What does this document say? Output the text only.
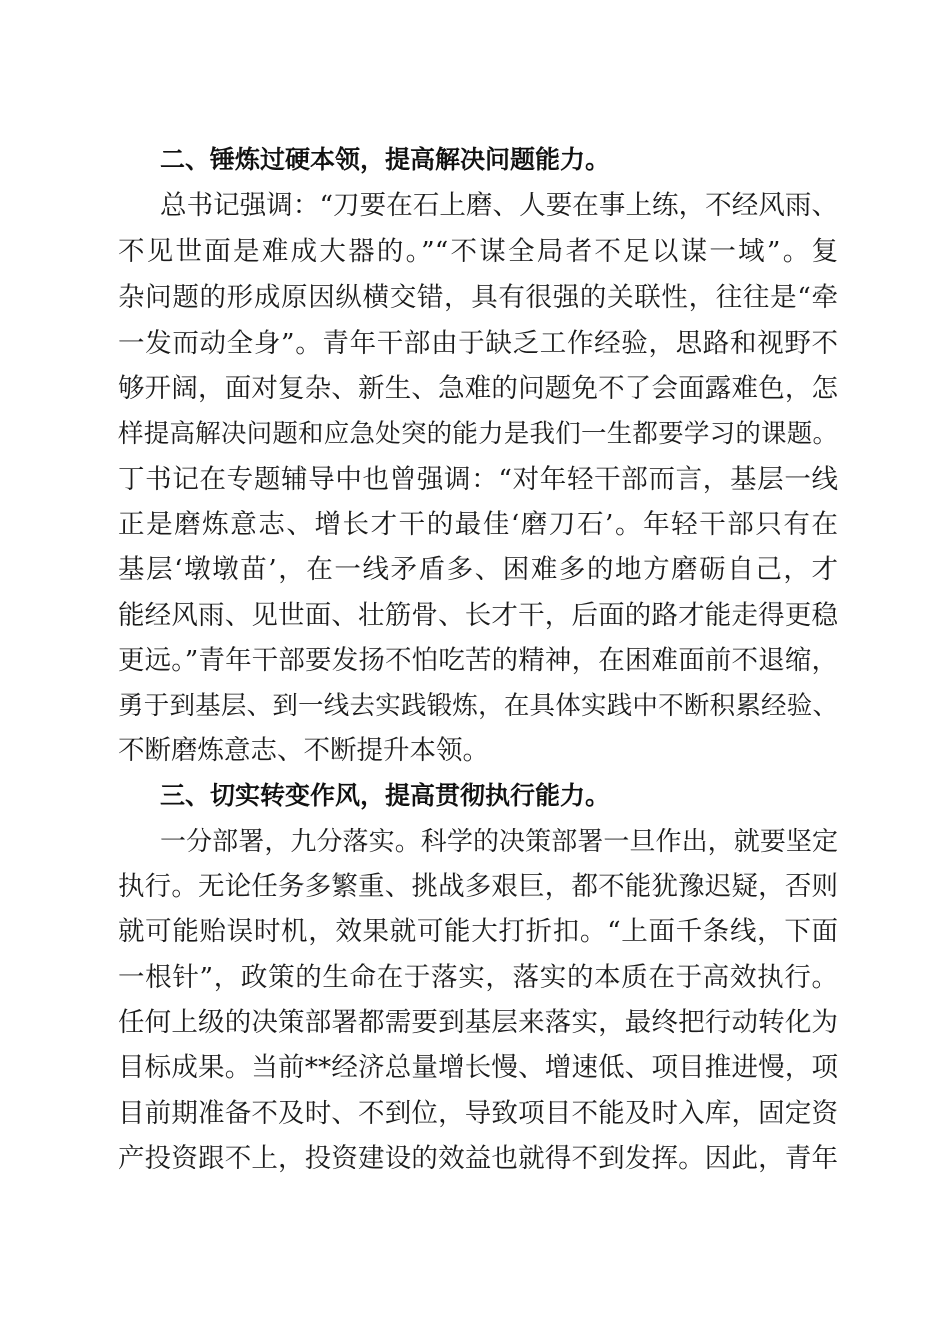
二、锤炼过硬本领，提高解决问题能力。
总书记强调：“刀要在石上磨、人要在事上练，不经风雨、
不见世面是难成大器的。”“不谋全局者不足以谋一域”。复
杂问题的形成原因纵横交错，具有很强的关联性，往往是“牵
一发而动全身”。青年干部由于缺乏工作经验，思路和视野不
够开阔，面对复杂、新生、急难的问题免不了会面露难色，怎
样提高解决问题和应急处突的能力是我们一生都要学习的课题。
丁书记在专题辅导中也曾强调：“对年轻干部而言，基层一线
正是磨炼意志、增长才干的最佳‘磨刀石’。年轻干部只有在
基层‘墩墩苗’，在一线矛盾多、困难多的地方磨砺自己，才
能经风雨、见世面、壮筋骨、长才干，后面的路才能走得更稳
更远。”青年干部要发扬不怕吃苦的精神，在困难面前不退缩，
勇于到基层、到一线去实践锻炼，在具体实践中不断积累经验、
不断磨炼意志、不断提升本领。
三、切实转变作风，提高贯彻执行能力。
一分部署，九分落实。科学的决策部署一旦作出，就要坚定
执行。无论任务多繁重、挑战多艰巨，都不能犹豫迟疑，否则
就可能贻误时机，效果就可能大打折扣。“上面千条线，下面
一根针”，政策的生命在于落实，落实的本质在于高效执行。
任何上级的决策部署都需要到基层来落实，最终把行动转化为
目标成果。当前**经济总量增长慢、增速低、项目推进慢，项
目前期准备不及时、不到位，导致项目不能及时入库，固定资
产投资跟不上，投资建设的效益也就得不到发挥。因此，青年
